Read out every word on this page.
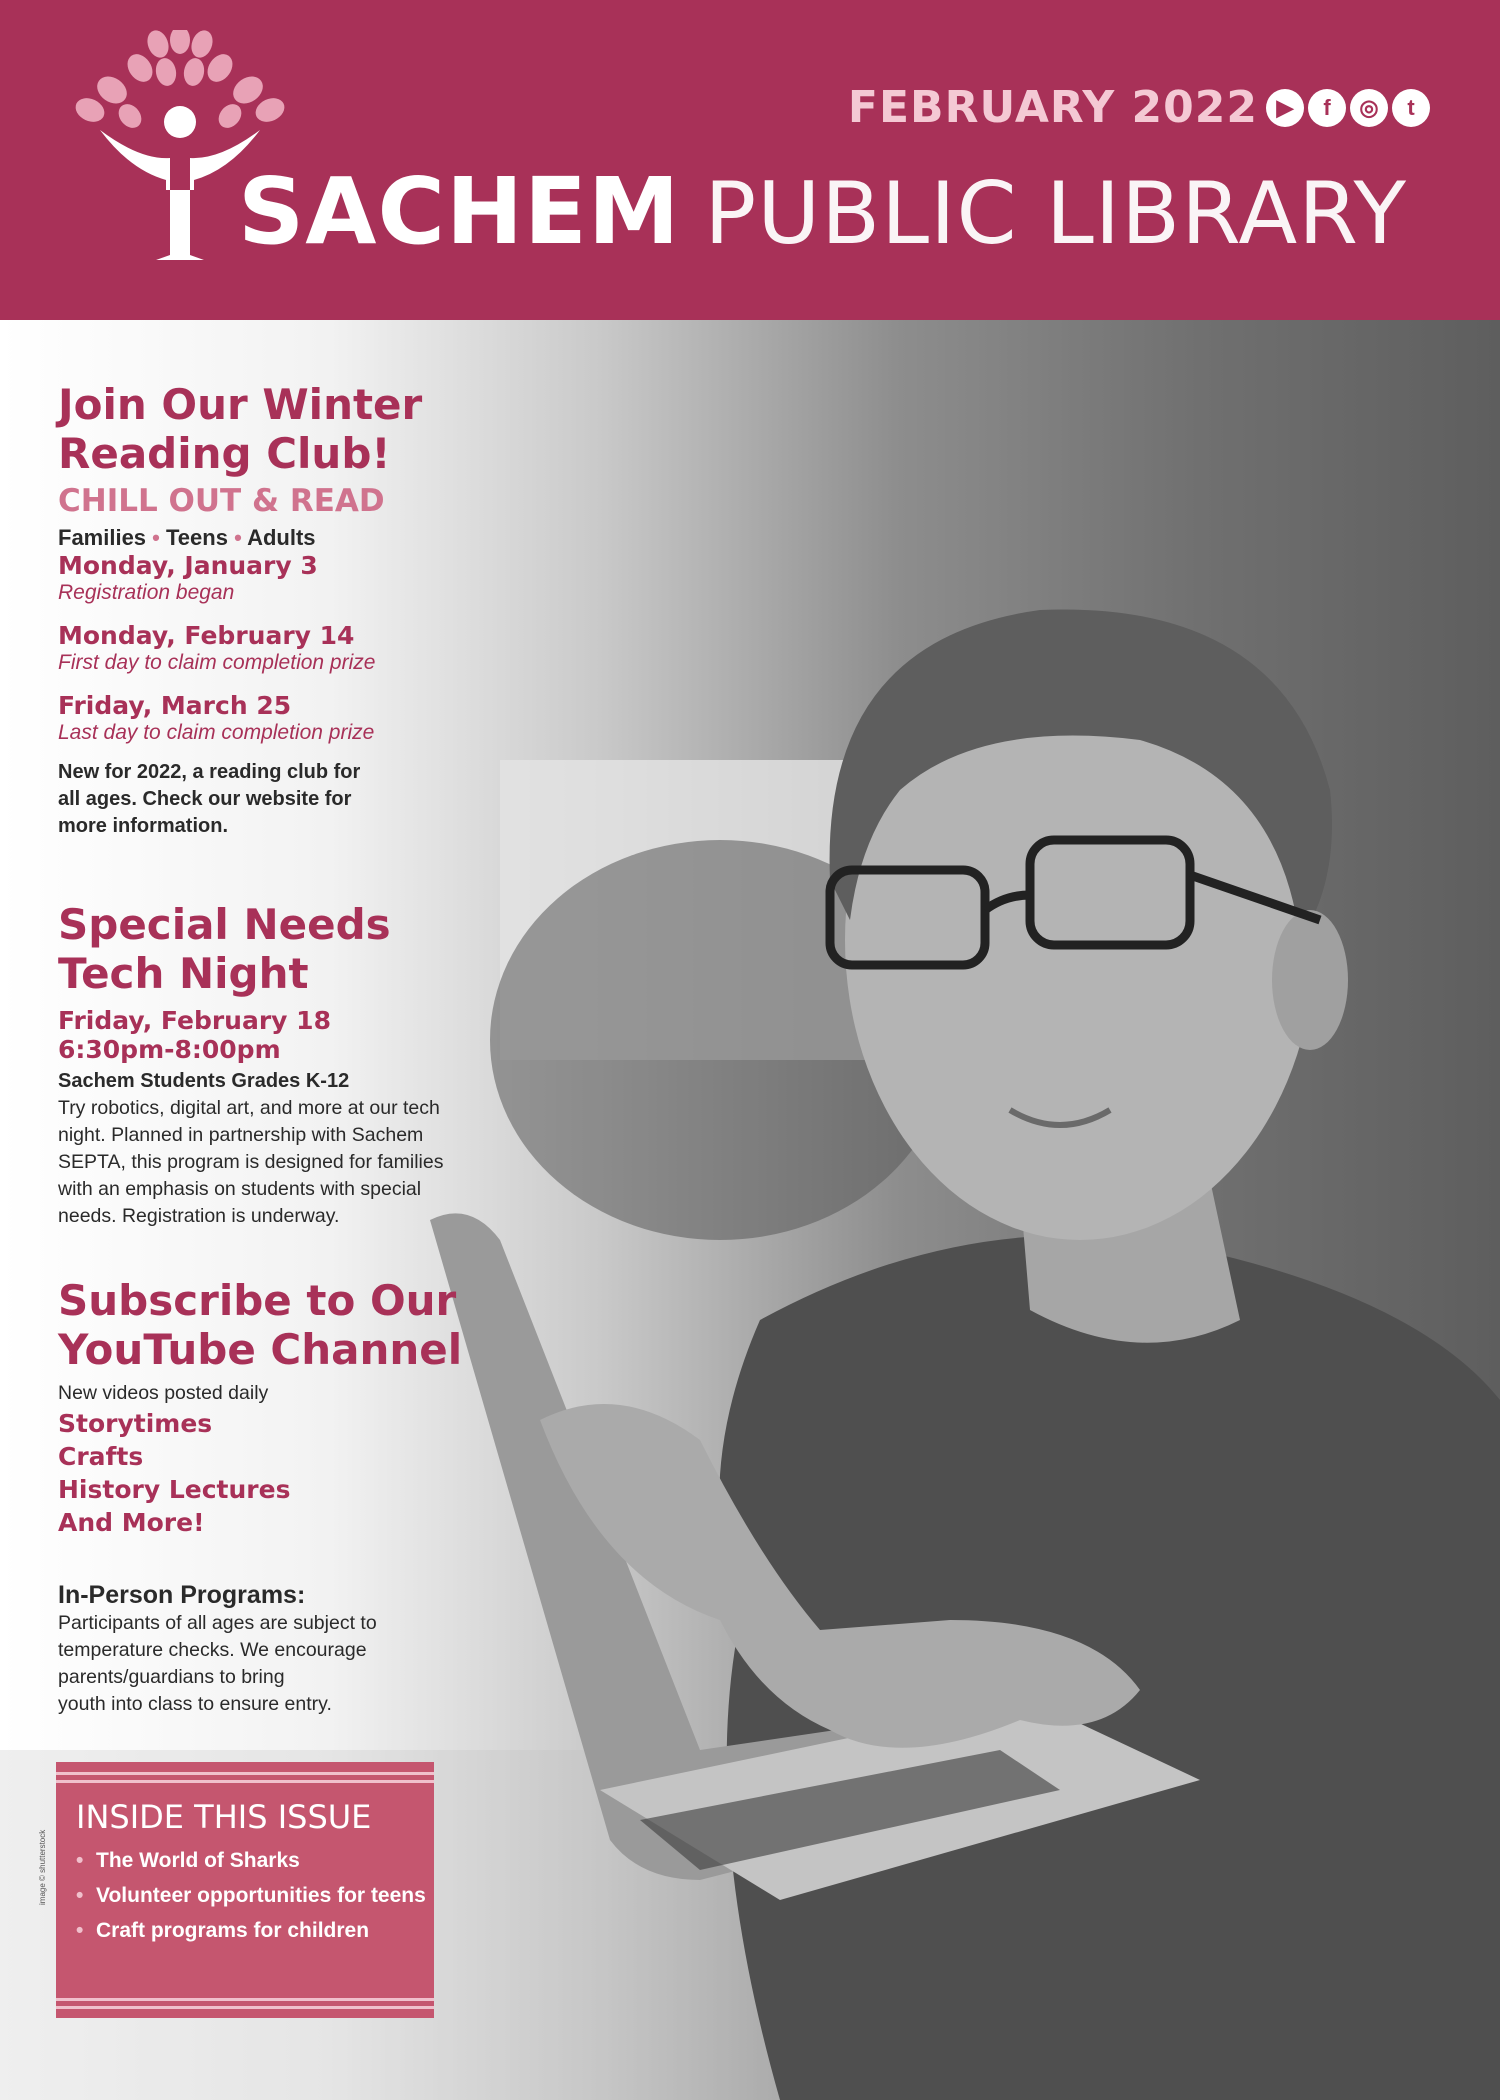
FEBRUARY 2022 ▶	f	◎	t
SACHEM PUBLIC LIBRARY
Join Our Winter
Reading Club!
CHILL OUT & READ
Families • Teens • Adults
Monday, January 3
Registration began
Monday, February 14
First day to claim completion prize
Friday, March 25
Last day to claim completion prize
New for 2022, a reading club for
all ages. Check our website for
more information.
Special Needs
Tech Night
Friday, February 18
6:30pm-8:00pm
Sachem Students Grades K-12
Try robotics, digital art, and more at our tech
night. Planned in partnership with Sachem
SEPTA, this program is designed for families
with an emphasis on students with special
needs. Registration is underway.
Subscribe to Our
YouTube Channel
New videos posted daily
Storytimes
Crafts
History Lectures
And More!
In-Person Programs:
Participants of all ages are subject to
temperature checks. We encourage
parents/guardians to bring
youth into class to ensure entry.
INSIDE THIS ISSUE
• The World of Sharks
• Volunteer opportunities for teens
• Craft programs for children
image © shutterstock
